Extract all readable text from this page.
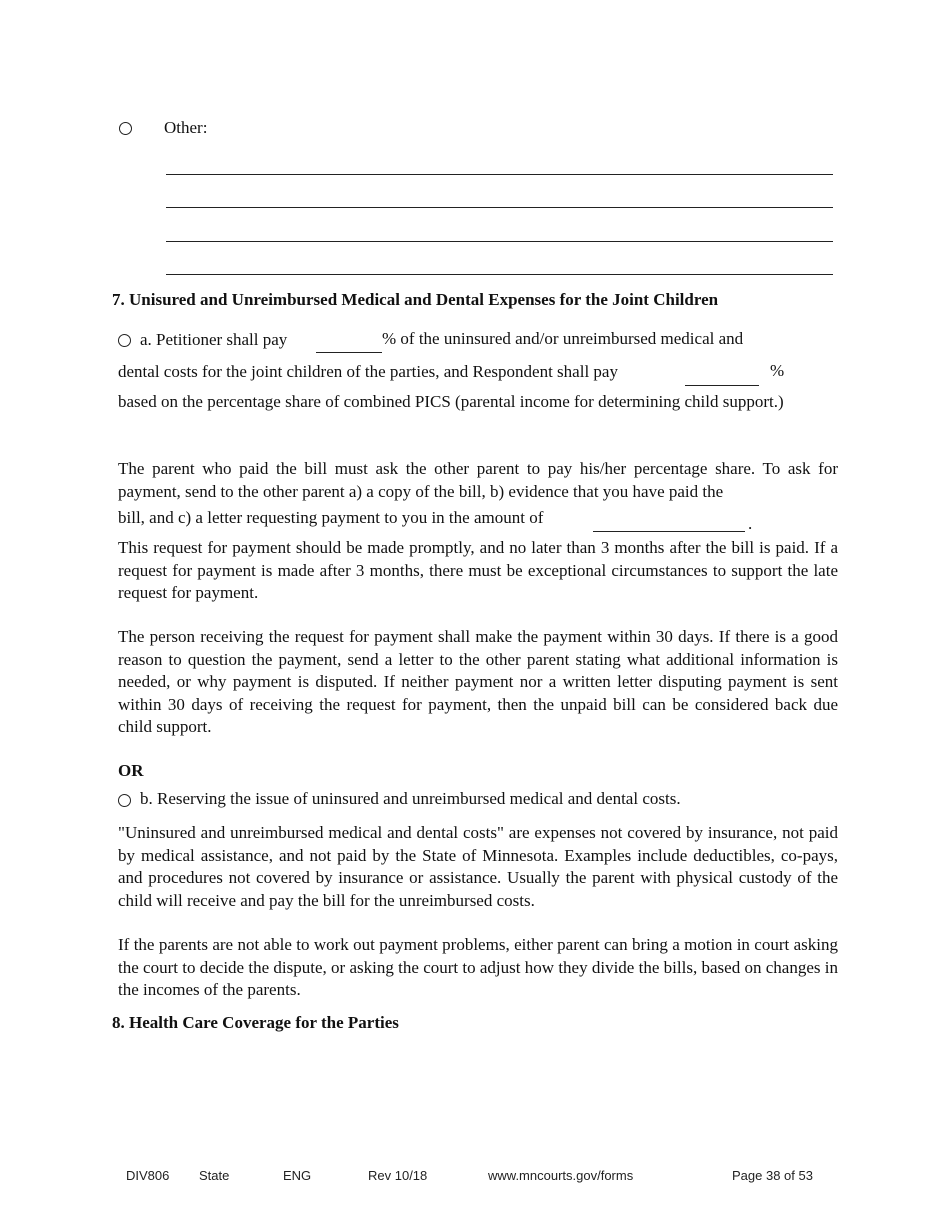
Other:
7. Unisured and Unreimbursed Medical and Dental Expenses for the Joint Children
a. Petitioner shall pay	% of the uninsured and/or unreimbursed medical and
dental costs for the joint children of the parties, and Respondent shall pay	%
based on the percentage share of combined PICS (parental income for determining child support.)
The parent who paid the bill must ask the other parent to pay his/her percentage share. To ask for payment, send to the other parent a) a copy of the bill, b) evidence that you have paid the
bill, and c) a letter requesting payment to you in the amount of	.
This request for payment should be made promptly, and no later than 3 months after the bill is paid. If a request for payment is made after 3 months, there must be exceptional circumstances to support the late request for payment.
The person receiving the request for payment shall make the payment within 30 days. If there is a good reason to question the payment, send a letter to the other parent stating what additional information is needed, or why payment is disputed. If neither payment nor a written letter disputing payment is sent within 30 days of receiving the request for payment, then the unpaid bill can be considered back due child support.
OR
b. Reserving the issue of uninsured and unreimbursed medical and dental costs.
"Uninsured and unreimbursed medical and dental costs" are expenses not covered by insurance, not paid by medical assistance, and not paid by the State of Minnesota. Examples include deductibles, co-pays, and procedures not covered by insurance or assistance. Usually the parent with physical custody of the child will receive and pay the bill for the unreimbursed costs.
If the parents are not able to work out payment problems, either parent can bring a motion in court asking the court to decide the dispute, or asking the court to adjust how they divide the bills, based on changes in the incomes of the parents.
8. Health Care Coverage for the Parties
DIV806 State	ENG	Rev 10/18	www.mncourts.gov/forms	Page 38 of 53
